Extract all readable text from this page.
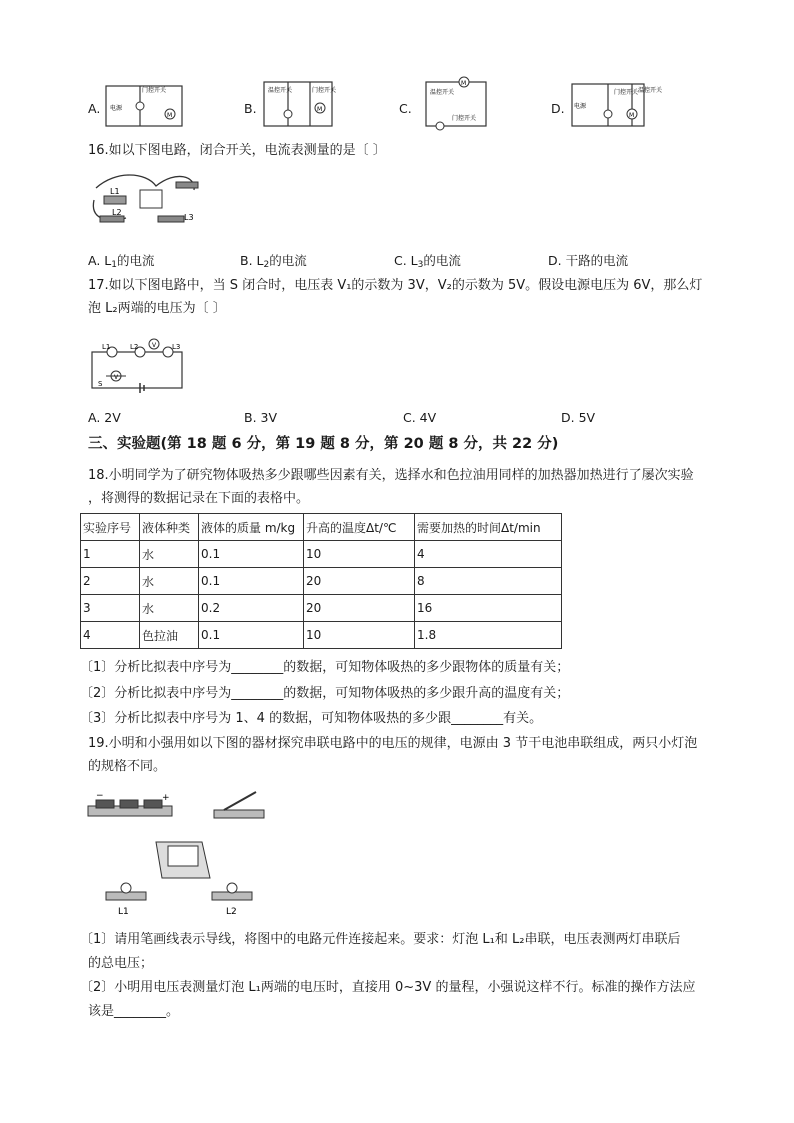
A. 电源
门控开关
M	B.
温控开关	门控开关
M	C.
M
温控开关
门控开关
D. 电源
门控开关 温控开关
M
16.如以下图电路，闭合开关，电流表测量的是〔 〕
L1
L2
L3
A. $L_1$的电流	B. $L_2$的电流	C. $L_3$的电流	D. 干路的电流
17.如以下图电路中，当 S 闭合时，电压表 V₁的示数为 3V，V₂的示数为 5V。假设电源电压为 6V，那么灯
泡 L₂两端的电压为〔 〕
L1	L2	L3
V
S
V
A. 2V	B. 3V	C. 4V	D. 5V
三、实验题(第 18 题 6 分，第 19 题 8 分，第 20 题 8 分，共 22 分)
18.小明同学为了研究物体吸热多少跟哪些因素有关，选择水和色拉油用同样的加热器加热进行了屡次实验
，将测得的数据记录在下面的表格中。
实验序号	液体种类	液体的质量 m/kg	升高的温度Δt/℃	需要加热的时间Δt/min
1	水	0.1	10	4
2	水	0.1	20	8
3	水	0.2	20	16
4	色拉油	0.1	10	1.8
〔1〕分析比拟表中序号为________的数据，可知物体吸热的多少跟物体的质量有关；
〔2〕分析比拟表中序号为________的数据，可知物体吸热的多少跟升高的温度有关；
〔3〕分析比拟表中序号为 1、4 的数据，可知物体吸热的多少跟________有关。
19.小明和小强用如以下图的器材探究串联电路中的电压的规律，电源由 3 节干电池串联组成，两只小灯泡
的规格不同。
−	+
L1	L2
〔1〕请用笔画线表示导线，将图中的电路元件连接起来。要求：灯泡 L₁和 L₂串联，电压表测两灯串联后
的总电压；
〔2〕小明用电压表测量灯泡 L₁两端的电压时，直接用 0~3V 的量程，小强说这样不行。标准的操作方法应
该是________。
